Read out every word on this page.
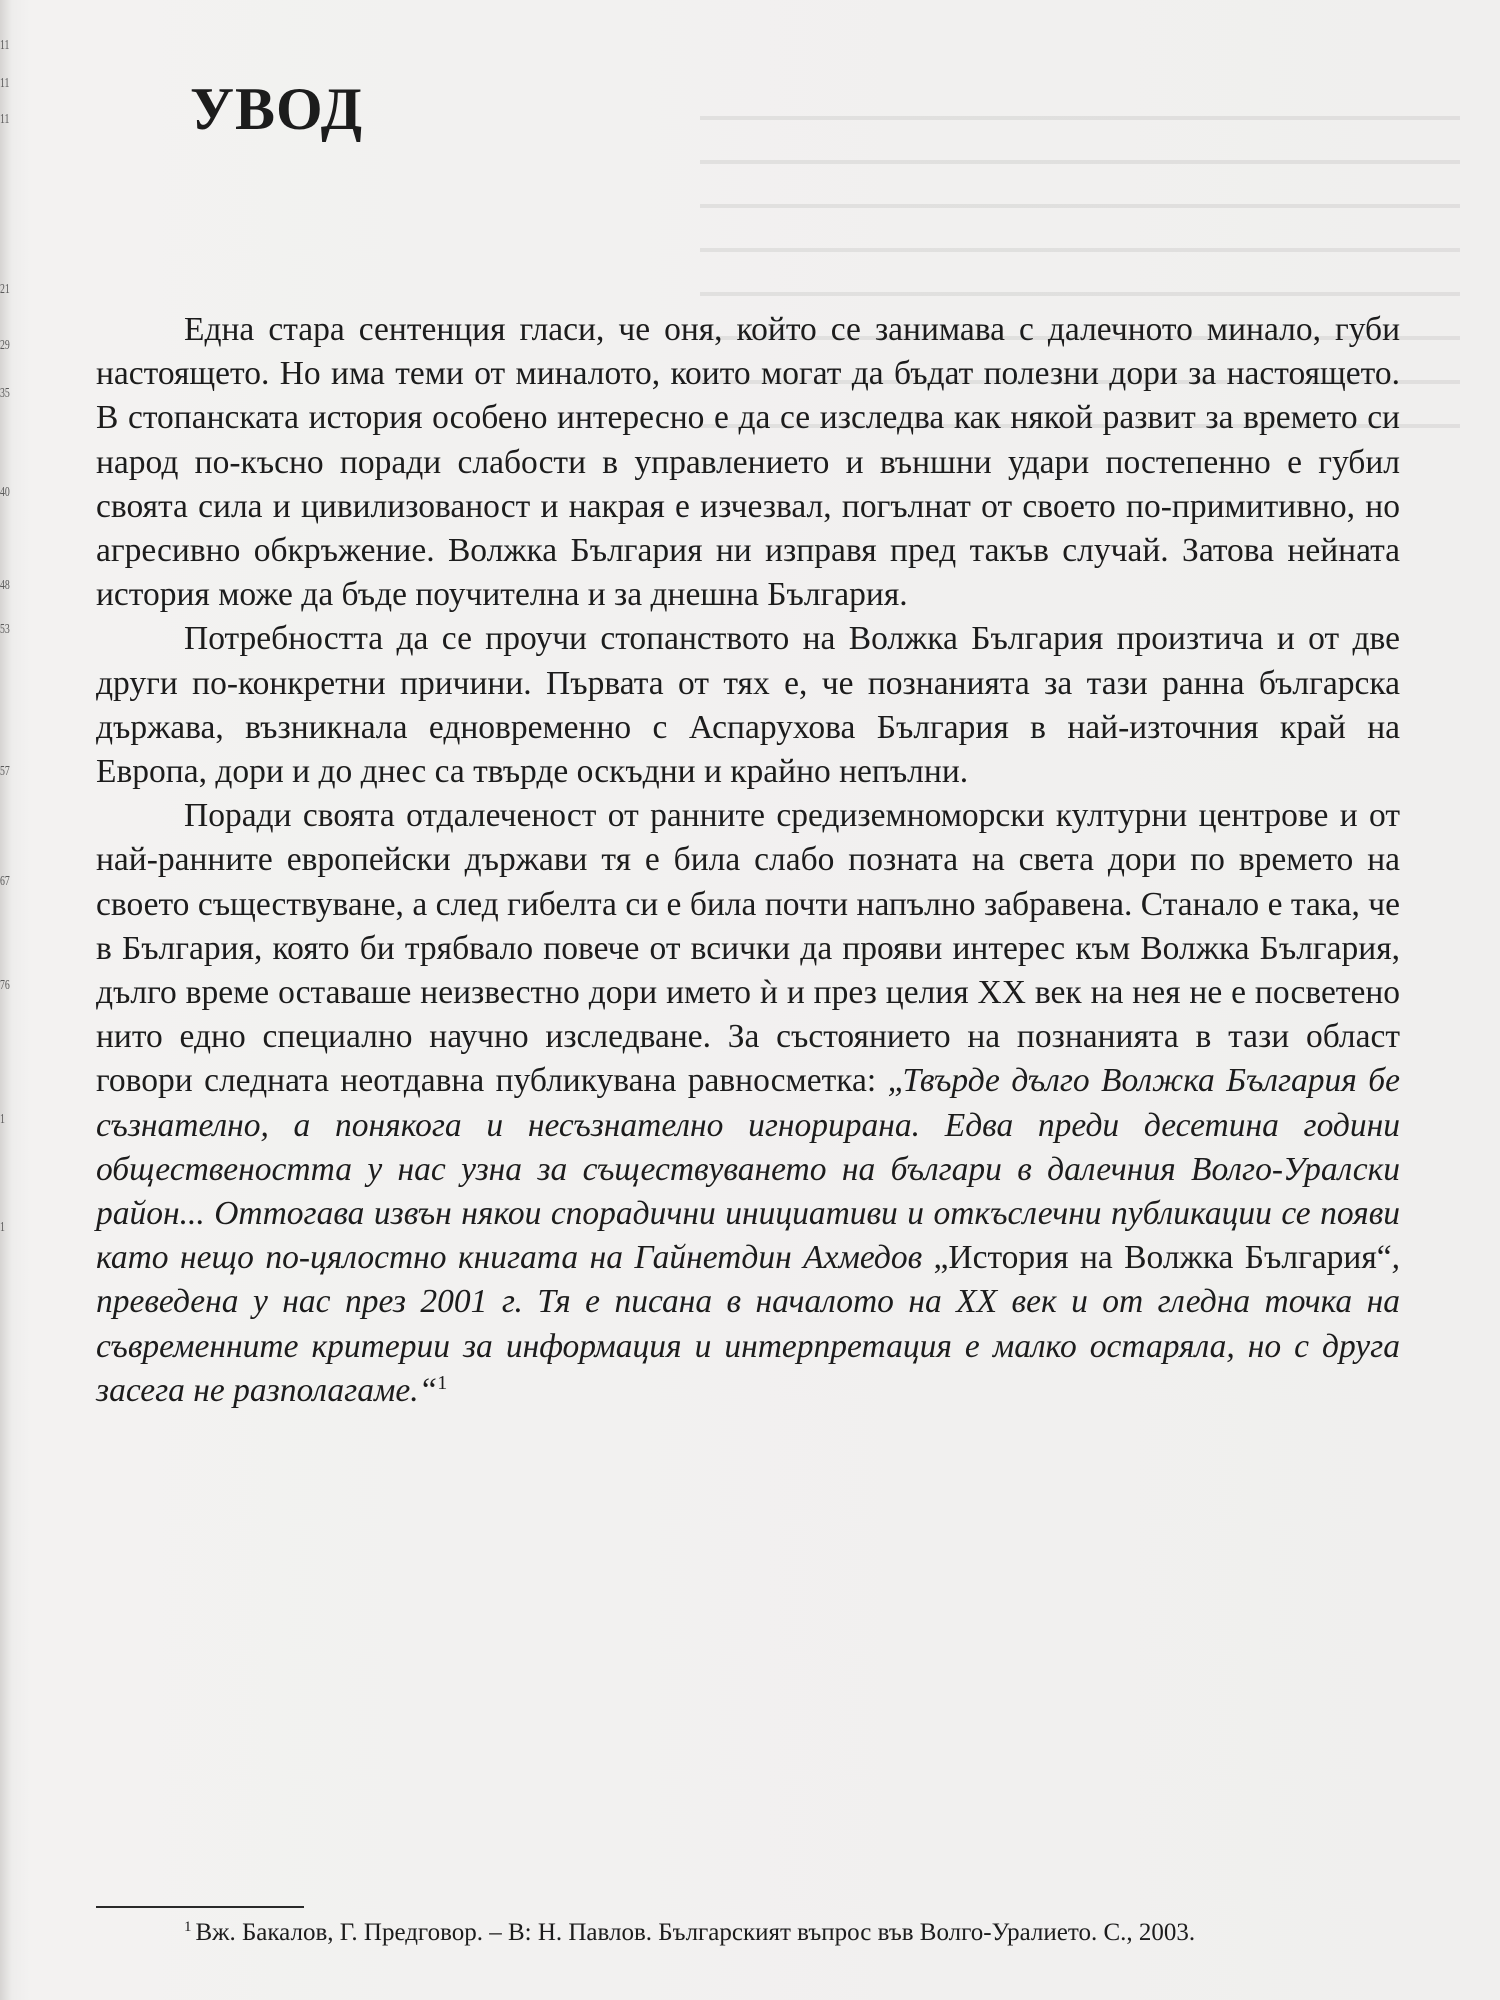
11
11
11
21
29
35
40
48
53
57
67
76
1
1
УВОД

Една стара сентенция гласи, че оня, който се занимава с далечното минало, губи настоящето. Но има теми от миналото, които могат да бъдат полезни дори за настоящето. В стопанската история особено интересно е да се изследва как някой развит за времето си народ по-късно поради слабости в управлението и външни удари постепенно е губил своята сила и цивилизованост и накрая е изчезвал, погълнат от своето по-примитивно, но агресивно обкръжение. Волжка България ни изправя пред такъв случай. Затова нейната история може да бъде поучителна и за днешна България.

Потребността да се проучи стопанството на Волжка България произтича и от две други по-конкретни причини. Първата от тях е, че познанията за тази ранна българска държава, възникнала едновременно с Аспарухова България в най-източния край на Европа, дори и до днес са твърде оскъдни и крайно непълни.

Поради своята отдалеченост от ранните средиземноморски културни центрове и от най-ранните европейски държави тя е била слабо позната на света дори по времето на своето съществуване, а след гибелта си е била почти напълно забравена. Станало е така, че в България, която би трябвало повече от всички да прояви интерес към Волжка България, дълго време оставаше неизвестно дори името ѝ и през целия XX век на нея не е посветено нито едно специално научно изследване. За състоянието на познанията в тази област говори следната неотдавна публикувана равносметка: „Твърде дълго Волжка България бе съзнателно, а понякога и несъзнателно игнорирана. Едва преди десетина години обществеността у нас узна за съществуването на българи в далечния Волго-Уралски район... Оттогава извън някои спорадични инициативи и откъслечни публикации се появи като нещо по-цялостно книгата на Гайнетдин Ахмедов „История на Волжка България“, преведена у нас през 2001 г. Тя е писана в началото на XX век и от гледна точка на съвременните критерии за информация и интерпретация е малко остаряла, но с друга засега не разполагаме.“$^1$

$^1$ Вж. Бакалов, Г. Предговор. – В: Н. Павлов. Българският въпрос във Волго-Уралието. С., 2003.
